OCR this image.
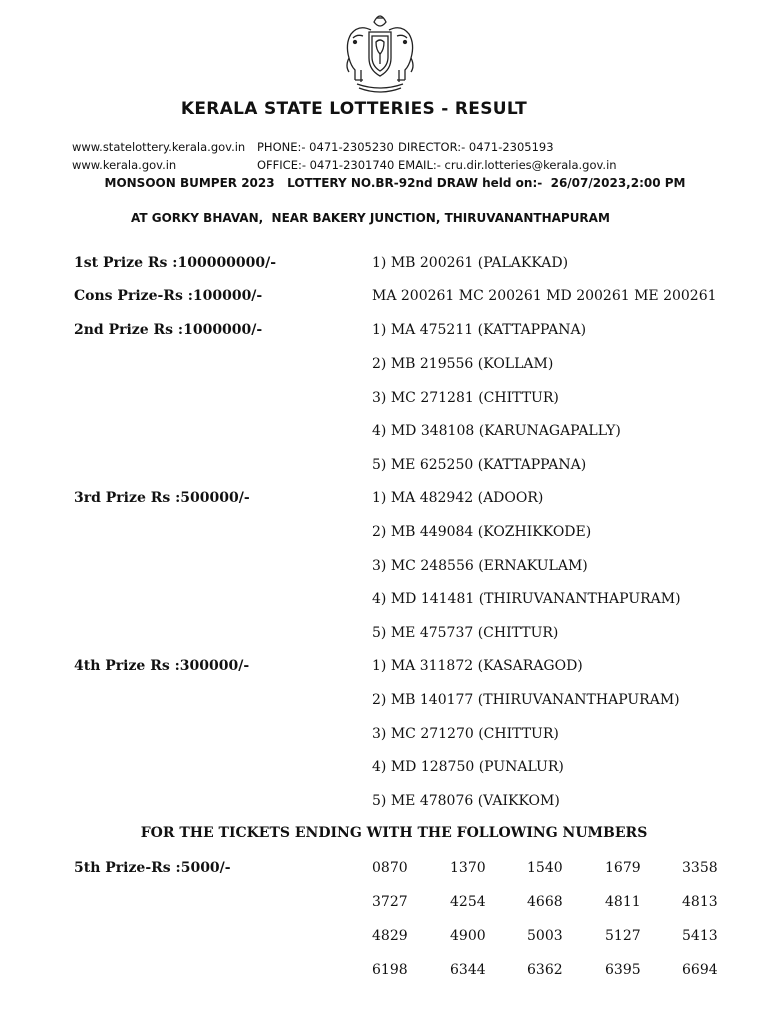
KERALA STATE LOTTERIES - RESULT
www.statelottery.kerala.gov.in PHONE:- 0471-2305230 DIRECTOR:- 0471-2305193
www.kerala.gov.in	OFFICE:- 0471-2301740 EMAIL:- cru.dir.lotteries@kerala.gov.in
MONSOON BUMPER 2023   LOTTERY NO.BR-92nd DRAW held on:-  26/07/2023,2:00 PM
AT GORKY BHAVAN,  NEAR BAKERY JUNCTION, THIRUVANANTHAPURAM
1st Prize Rs :100000000/-	1) MB 200261 (PALAKKAD)
Cons Prize-Rs :100000/-	MA 200261 MC 200261 MD 200261 ME 200261
2nd Prize Rs :1000000/-	1) MA 475211 (KATTAPPANA)
2) MB 219556 (KOLLAM)
3) MC 271281 (CHITTUR)
4) MD 348108 (KARUNAGAPALLY)
5) ME 625250 (KATTAPPANA)
3rd Prize Rs :500000/-	1) MA 482942 (ADOOR)
2) MB 449084 (KOZHIKKODE)
3) MC 248556 (ERNAKULAM)
4) MD 141481 (THIRUVANANTHAPURAM)
5) ME 475737 (CHITTUR)
4th Prize Rs :300000/-	1) MA 311872 (KASARAGOD)
2) MB 140177 (THIRUVANANTHAPURAM)
3) MC 271270 (CHITTUR)
4) MD 128750 (PUNALUR)
5) ME 478076 (VAIKKOM)
FOR THE TICKETS ENDING WITH THE FOLLOWING NUMBERS
5th Prize-Rs :5000/-	0870	1370	1540	1679	3358
3727	4254	4668	4811	4813
4829	4900	5003	5127	5413
6198	6344	6362	6395	6694
